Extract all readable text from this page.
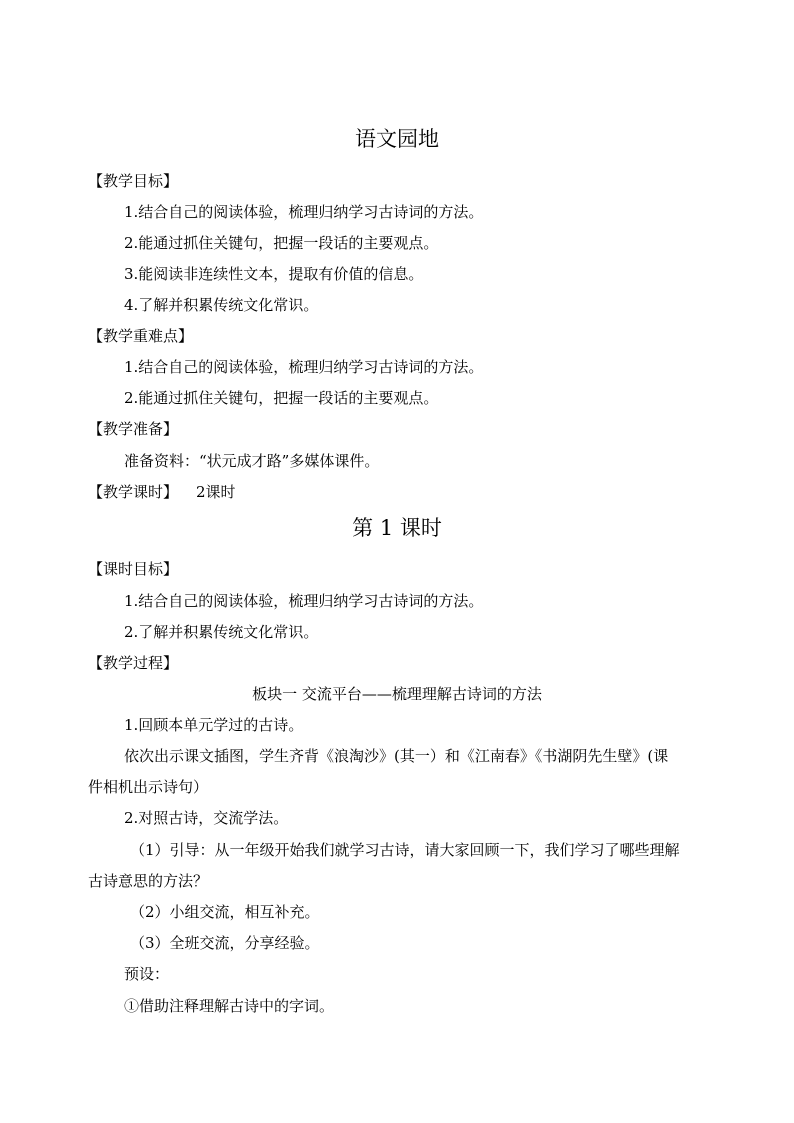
语文园地
【教学目标】
1.结合自己的阅读体验，梳理归纳学习古诗词的方法。
2.能通过抓住关键句，把握一段话的主要观点。
3.能阅读非连续性文本，提取有价值的信息。
4.了解并积累传统文化常识。
【教学重难点】
1.结合自己的阅读体验，梳理归纳学习古诗词的方法。
2.能通过抓住关键句，把握一段话的主要观点。
【教学准备】
准备资料：“状元成才路”多媒体课件。
【教学课时】 2课时
第 1 课时
【课时目标】
1.结合自己的阅读体验，梳理归纳学习古诗词的方法。
2.了解并积累传统文化常识。
【教学过程】
板块一 交流平台——梳理理解古诗词的方法
1.回顾本单元学过的古诗。
依次出示课文插图，学生齐背《浪淘沙》(其一）和《江南春》《书湖阴先生壁》(课
件相机出示诗句）
2.对照古诗，交流学法。
（1）引导：从一年级开始我们就学习古诗，请大家回顾一下，我们学习了哪些理解
古诗意思的方法？
（2）小组交流，相互补充。
（3）全班交流，分享经验。
预设：
①借助注释理解古诗中的字词。
